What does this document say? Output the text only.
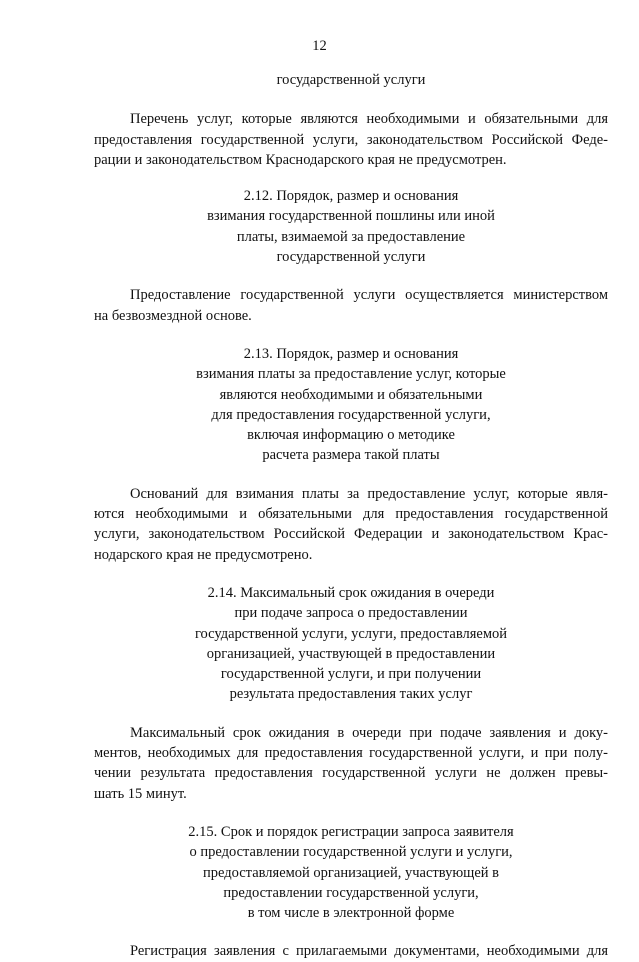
12
государственной услуги
Перечень услуг, которые являются необходимыми и обязательными для
предоставления государственной услуги, законодательством Российской Феде-
рации и законодательством Краснодарского края не предусмотрен.
2.12. Порядок, размер и основания
взимания государственной пошлины или иной
платы, взимаемой за предоставление
государственной услуги
Предоставление государственной услуги осуществляется министерством
на безвозмездной основе.
2.13. Порядок, размер и основания
взимания платы за предоставление услуг, которые
являются необходимыми и обязательными
для предоставления государственной услуги,
включая информацию о методике
расчета размера такой платы
Оснований для взимания платы за предоставление услуг, которые явля-
ются необходимыми и обязательными для предоставления государственной
услуги, законодательством Российской Федерации и законодательством Крас-
нодарского края не предусмотрено.
2.14. Максимальный срок ожидания в очереди
при подаче запроса о предоставлении
государственной услуги, услуги, предоставляемой
организацией, участвующей в предоставлении
государственной услуги, и при получении
результата предоставления таких услуг
Максимальный срок ожидания в очереди при подаче заявления и доку-
ментов, необходимых для предоставления государственной услуги, и при полу-
чении результата предоставления государственной услуги не должен превы-
шать 15 минут.
2.15. Срок и порядок регистрации запроса заявителя
о предоставлении государственной услуги и услуги,
предоставляемой организацией, участвующей в
предоставлении государственной услуги,
в том числе в электронной форме
Регистрация заявления с прилагаемыми документами, необходимыми для
